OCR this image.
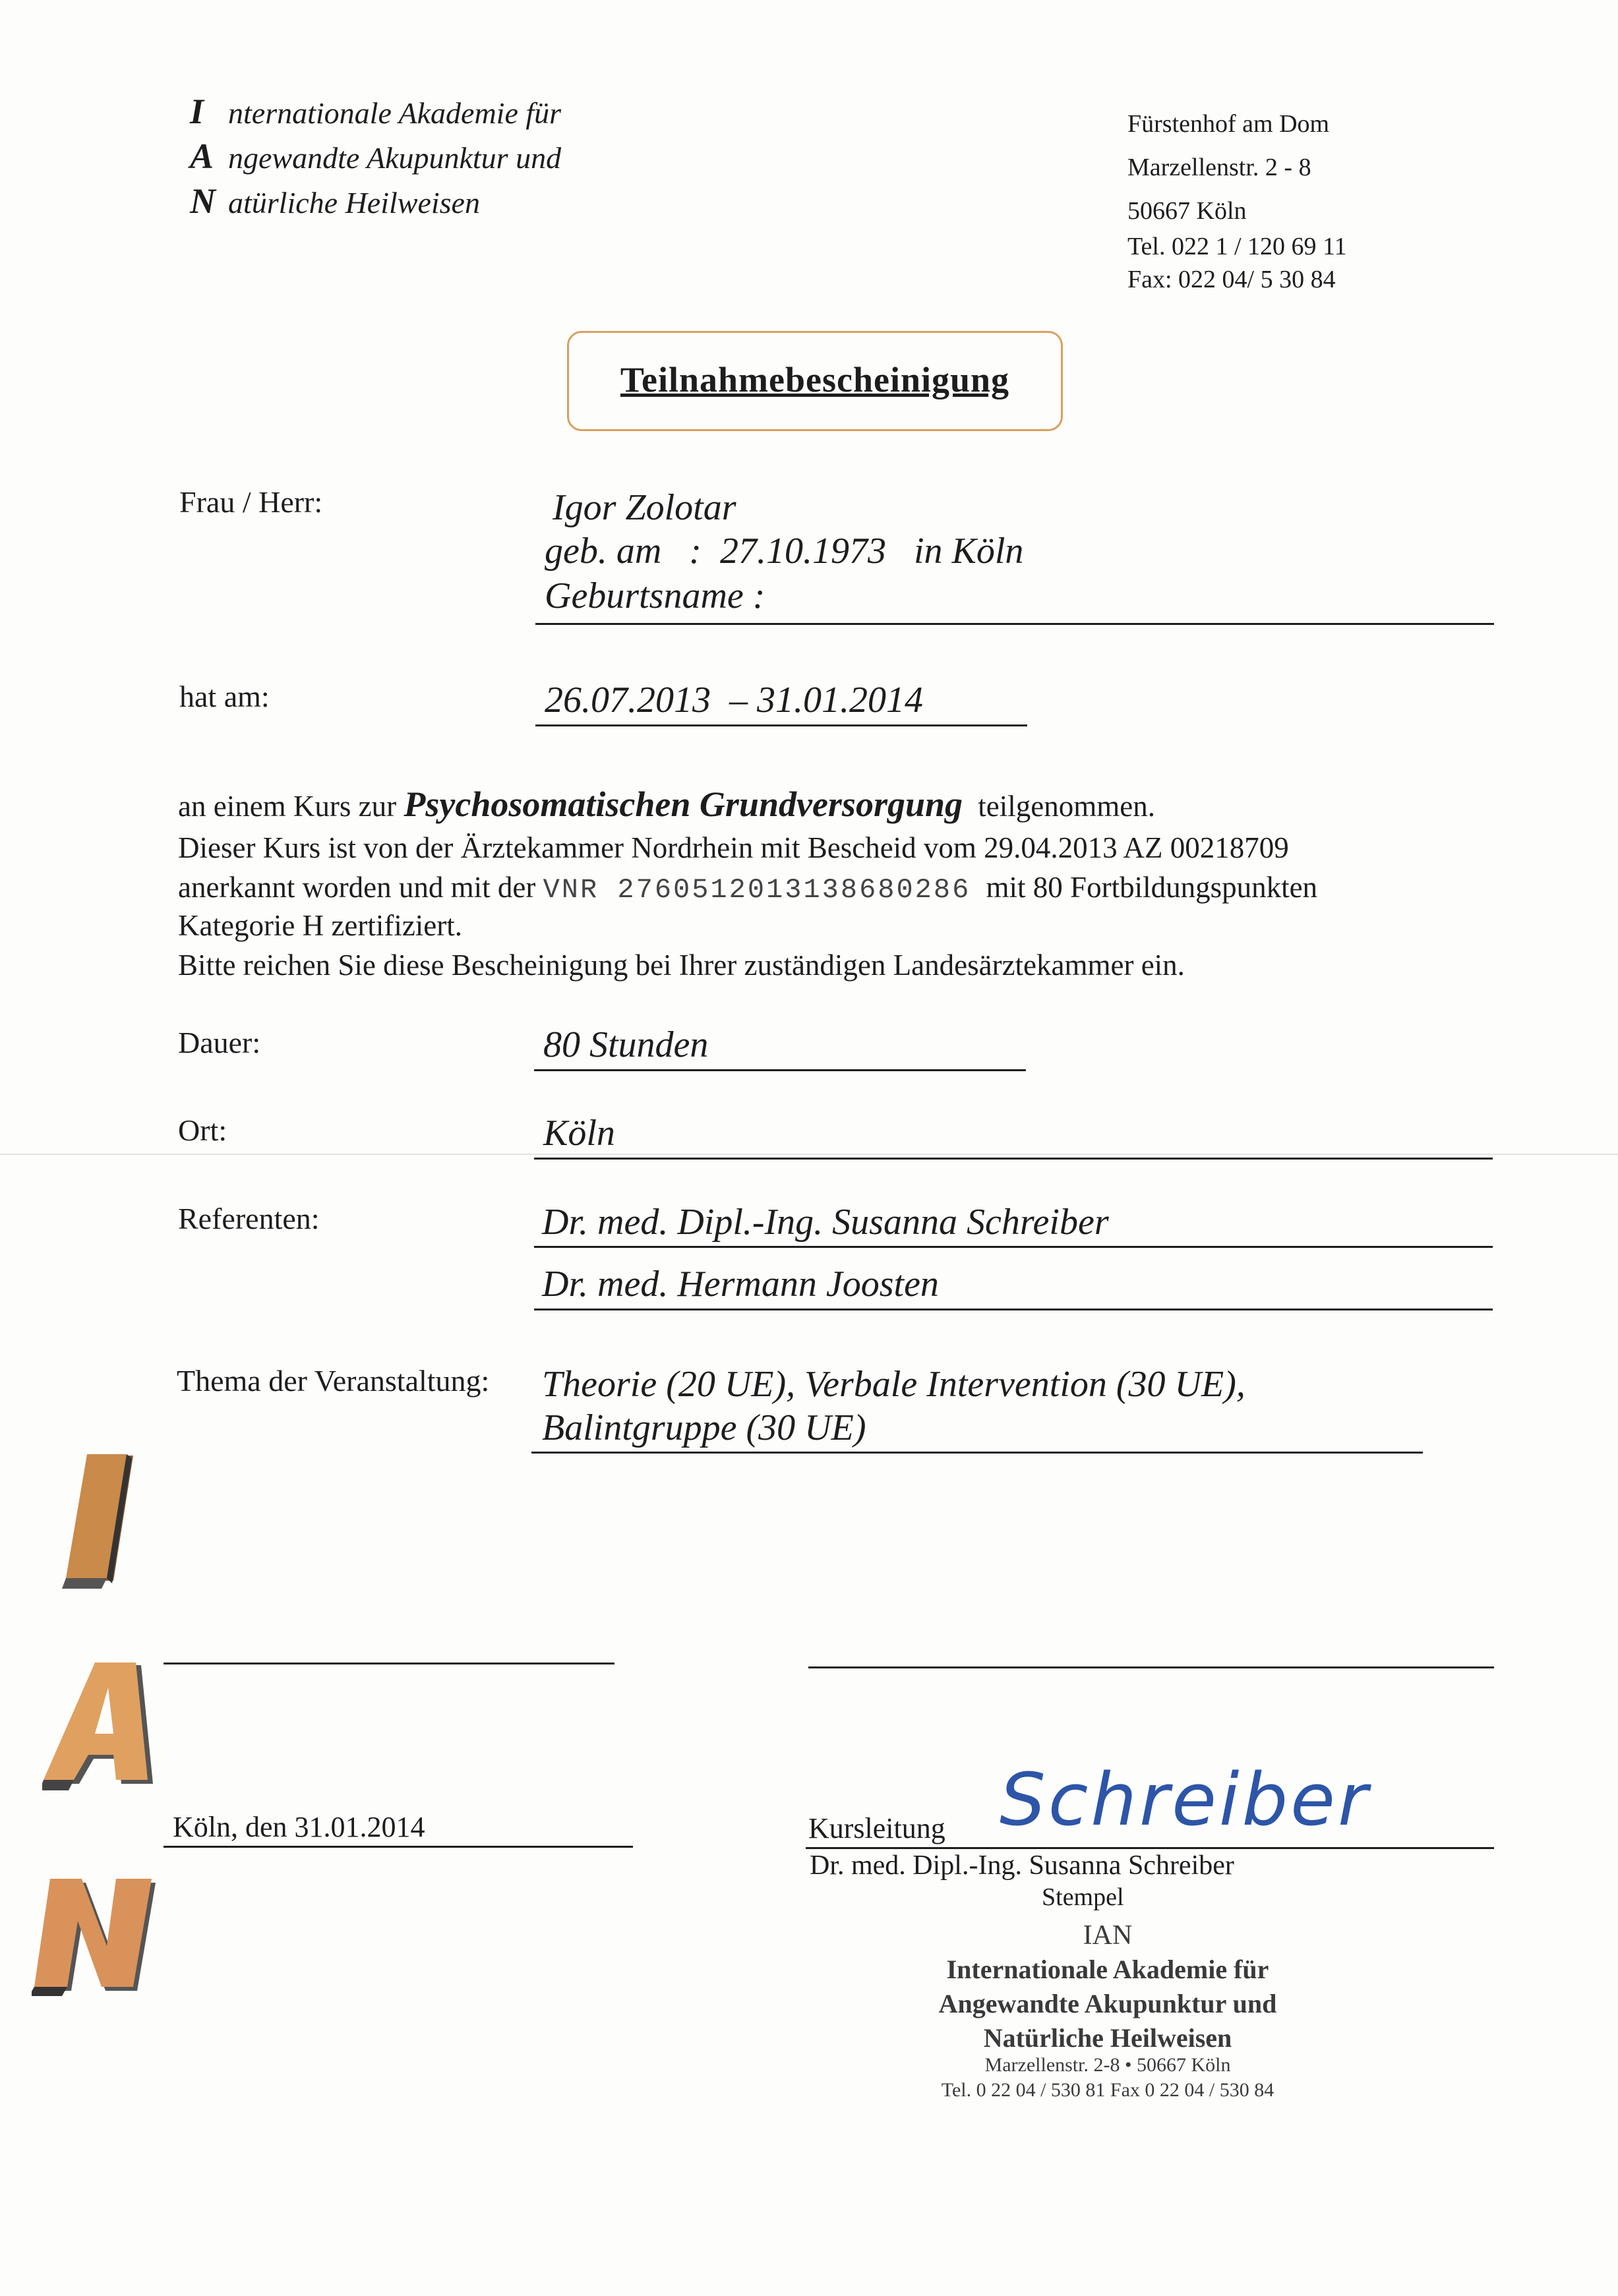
I nternationale Akademie für
A ngewandte Akupunktur und
N atürliche Heilweisen
Fürstenhof am Dom
Marzellenstr. 2 - 8
50667 Köln
Tel. 022 1 / 120 69 11
Fax: 022 04/ 5 30 84
Teilnahmebescheinigung
Frau / Herr:	Igor Zolotar
geb. am   :  27.10.1973   in Köln
Geburtsname :
hat am:	26.07.2013  – 31.01.2014
an einem Kurs zur Psychosomatischen Grundversorgung teilgenommen.
Dieser Kurs ist von der Ärztekammer Nordrhein mit Bescheid vom 29.04.2013 AZ 00218709
anerkannt worden und mit der VNR 2760512013138680286 mit 80 Fortbildungspunkten
Kategorie H zertifiziert.
Bitte reichen Sie diese Bescheinigung bei Ihrer zuständigen Landesärztekammer ein.
Dauer:	80 Stunden
Ort:	Köln
Referenten:	Dr. med. Dipl.-Ing. Susanna Schreiber
Dr. med. Hermann Joosten
Thema der Veranstaltung: Theorie (20 UE), Verbale Intervention (30 UE),
Balintgruppe (30 UE)
Köln, den 31.01.2014	Kursleitung Schreiber
Dr. med. Dipl.-Ing. Susanna Schreiber
Stempel
IAN
Internationale Akademie für
Angewandte Akupunktur und
Natürliche Heilweisen
Marzellenstr. 2-8 • 50667 Köln
Tel. 0 22 04 / 530 81 Fax 0 22 04 / 530 84
